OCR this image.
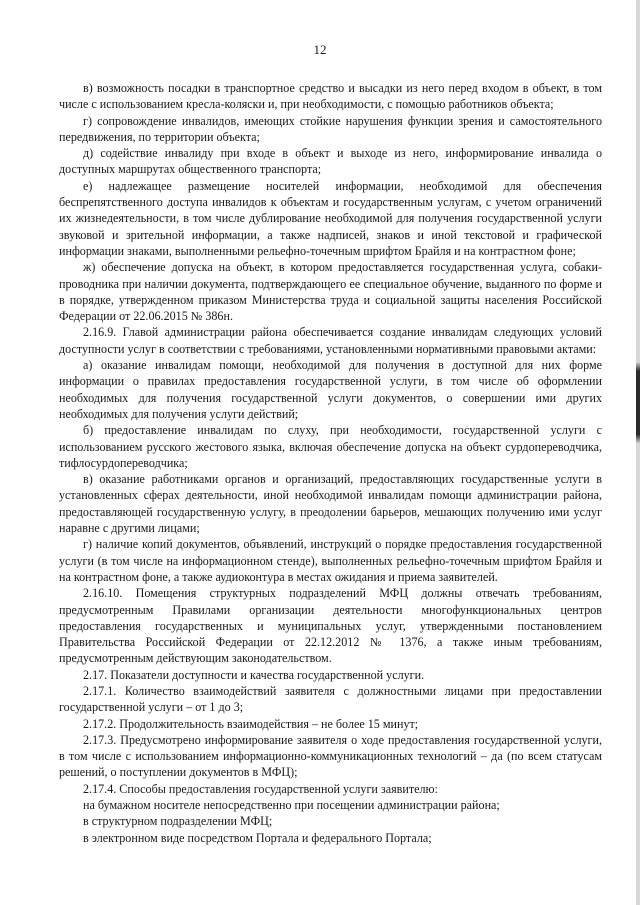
12

в) возможность посадки в транспортное средство и высадки из него перед входом в объект, в том числе с использованием кресла-коляски и, при необходимости, с помощью работников объекта;

г) сопровождение инвалидов, имеющих стойкие нарушения функции зрения и самостоятельного передвижения, по территории объекта;

д) содействие инвалиду при входе в объект и выходе из него, информирование инвалида о доступных маршрутах общественного транспорта;

е) надлежащее размещение носителей информации, необходимой для обеспечения беспрепятственного доступа инвалидов к объектам и государственным услугам, с учетом ограничений их жизнедеятельности, в том числе дублирование необходимой для получения государственной услуги звуковой и зрительной информации, а также надписей, знаков и иной текстовой и графической информации знаками, выполненными рельефно-точечным шрифтом Брайля и на контрастном фоне;

ж) обеспечение допуска на объект, в котором предоставляется государственная услуга, собаки-проводника при наличии документа, подтверждающего ее специальное обучение, выданного по форме и в порядке, утвержденном приказом Министерства труда и социальной защиты населения Российской Федерации от 22.06.2015 № 386н.

2.16.9. Главой администрации района обеспечивается создание инвалидам следующих условий доступности услуг в соответствии с требованиями, установленными нормативными правовыми актами:

а) оказание инвалидам помощи, необходимой для получения в доступной для них форме информации о правилах предоставления государственной услуги, в том числе об оформлении необходимых для получения государственной услуги документов, о совершении ими других необходимых для получения услуги действий;

б) предоставление инвалидам по слуху, при необходимости, государственной услуги с использованием русского жестового языка, включая обеспечение допуска на объект сурдопереводчика, тифлосурдопереводчика;

в) оказание работниками органов и организаций, предоставляющих государственные услуги в установленных сферах деятельности, иной необходимой инвалидам помощи администрации района, предоставляющей государственную услугу, в преодолении барьеров, мешающих получению ими услуг наравне с другими лицами;

г) наличие копий документов, объявлений, инструкций о порядке предоставления государственной услуги (в том числе на информационном стенде), выполненных рельефно-точечным шрифтом Брайля и на контрастном фоне, а также аудиоконтура в местах ожидания и приема заявителей.

2.16.10. Помещения структурных подразделений МФЦ должны отвечать требованиям, предусмотренным Правилами организации деятельности многофункциональных центров предоставления государственных и муниципальных услуг, утвержденными постановлением Правительства Российской Федерации от 22.12.2012 № 1376, а также иным требованиям, предусмотренным действующим законодательством.

2.17. Показатели доступности и качества государственной услуги.

2.17.1. Количество взаимодействий заявителя с должностными лицами при предоставлении государственной услуги – от 1 до 3;

2.17.2. Продолжительность взаимодействия – не более 15 минут;

2.17.3. Предусмотрено информирование заявителя о ходе предоставления государственной услуги, в том числе с использованием информационно-коммуникационных технологий – да (по всем статусам решений, о поступлении документов в МФЦ);

2.17.4. Способы предоставления государственной услуги заявителю:

на бумажном носителе непосредственно при посещении администрации района;

в структурном подразделении МФЦ;

в электронном виде посредством Портала и федерального Портала;
